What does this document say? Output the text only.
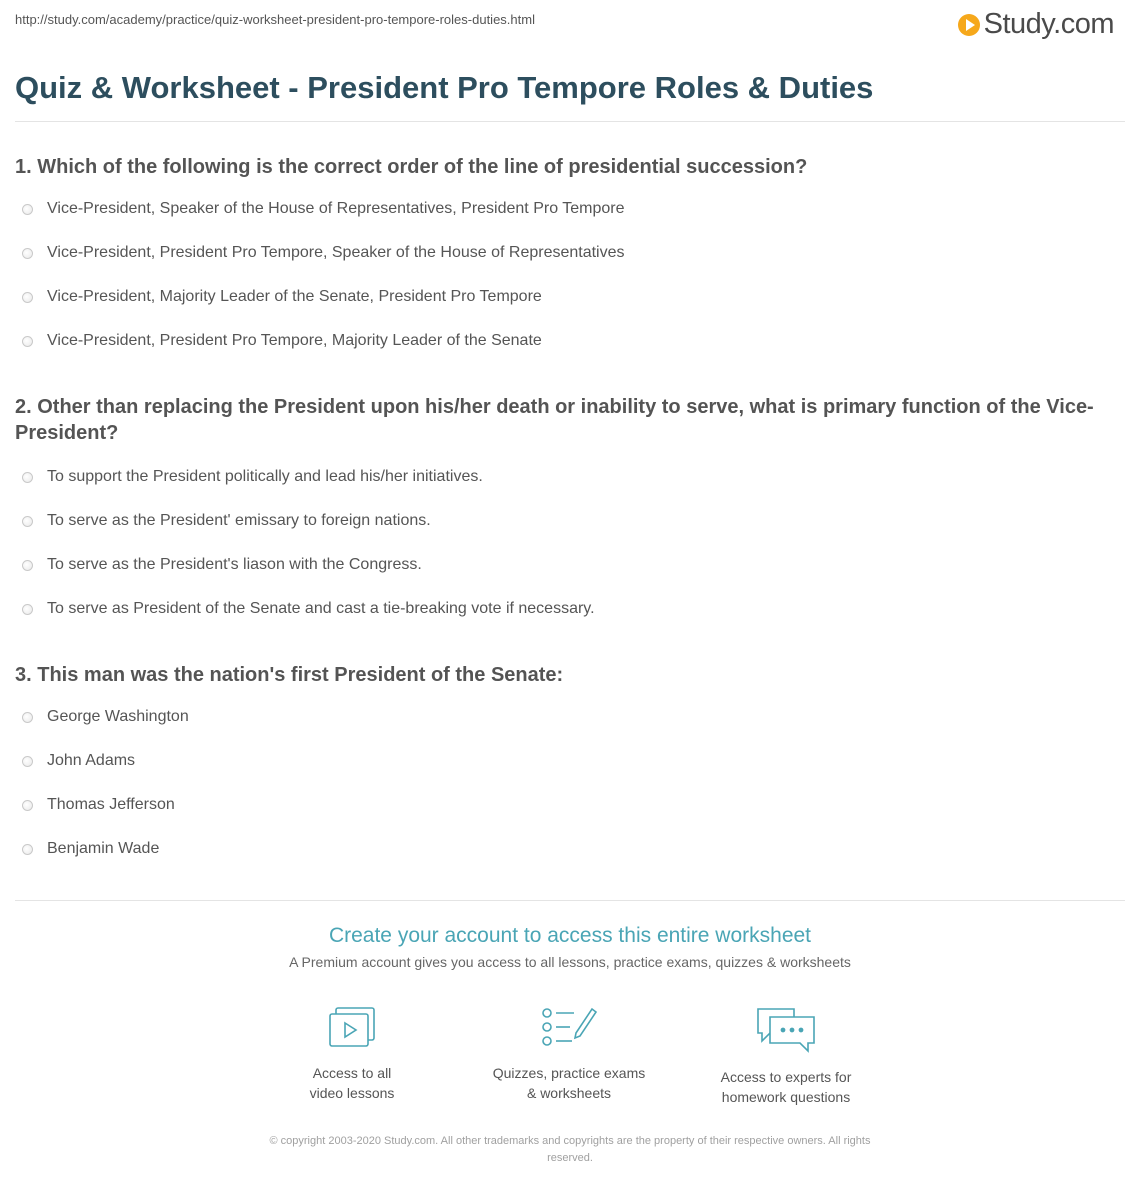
http://study.com/academy/practice/quiz-worksheet-president-pro-tempore-roles-duties.html	Study.com
Quiz & Worksheet - President Pro Tempore Roles & Duties
1. Which of the following is the correct order of the line of presidential succession?
Vice-President, Speaker of the House of Representatives, President Pro Tempore
Vice-President, President Pro Tempore, Speaker of the House of Representatives
Vice-President, Majority Leader of the Senate, President Pro Tempore
Vice-President, President Pro Tempore, Majority Leader of the Senate
2. Other than replacing the President upon his/her death or inability to serve, what is primary function of the Vice-President?
To support the President politically and lead his/her initiatives.
To serve as the President' emissary to foreign nations.
To serve as the President's liason with the Congress.
To serve as President of the Senate and cast a tie-breaking vote if necessary.
3. This man was the nation's first President of the Senate:
George Washington
John Adams
Thomas Jefferson
Benjamin Wade
Create your account to access this entire worksheet
A Premium account gives you access to all lessons, practice exams, quizzes & worksheets
Access to all
video lessons
Quizzes, practice exams
& worksheets
Access to experts for
homework questions
© copyright 2003-2020 Study.com. All other trademarks and copyrights are the property of their respective owners. All rights
reserved.
